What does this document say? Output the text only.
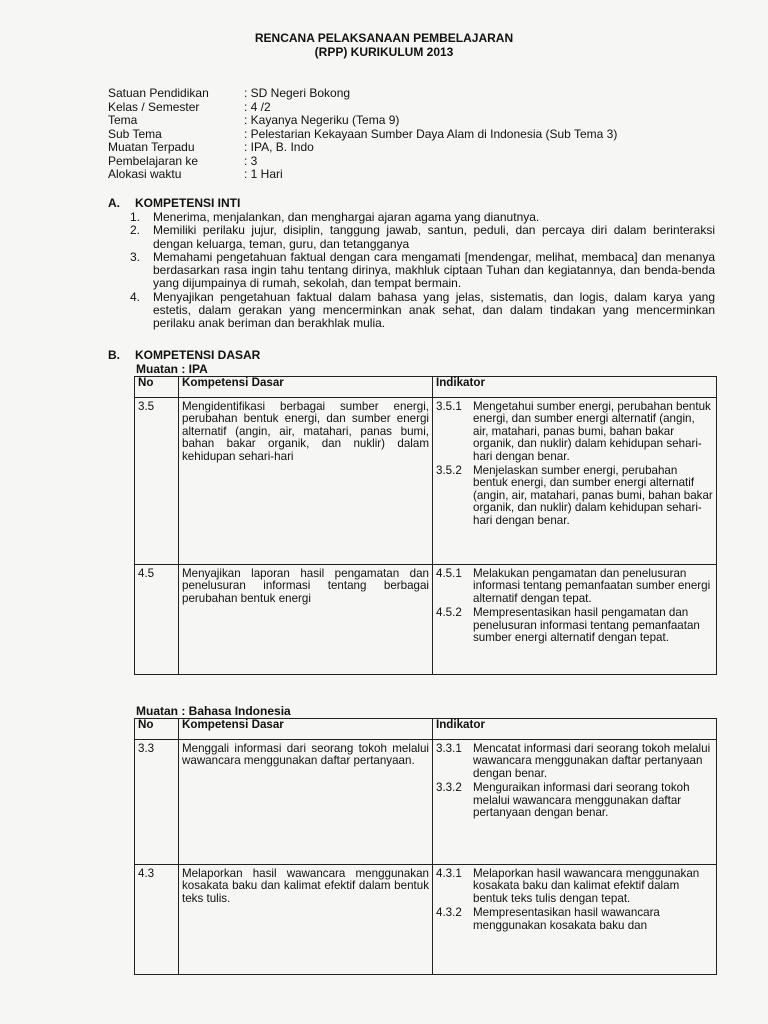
RENCANA PELAKSANAAN PEMBELAJARAN
(RPP) KURIKULUM 2013
Satuan Pendidikan	: SD Negeri Bokong
Kelas / Semester	: 4 /2
Tema	: Kayanya Negeriku (Tema 9)
Sub Tema	: Pelestarian Kekayaan Sumber Daya Alam di Indonesia (Sub Tema 3)
Muatan Terpadu	: IPA, B. Indo
Pembelajaran ke	: 3
Alokasi waktu	: 1 Hari
A. KOMPETENSI INTI
1. Menerima, menjalankan, dan menghargai ajaran agama yang dianutnya.
2. Memiliki perilaku jujur, disiplin, tanggung jawab, santun, peduli, dan percaya diri dalam berinteraksi dengan keluarga, teman, guru, dan tetangganya
3. Memahami pengetahuan faktual dengan cara mengamati [mendengar, melihat, membaca] dan menanya berdasarkan rasa ingin tahu tentang dirinya, makhluk ciptaan Tuhan dan kegiatannya, dan benda-benda yang dijumpainya di rumah, sekolah, dan tempat bermain.
4. Menyajikan pengetahuan faktual dalam bahasa yang jelas, sistematis, dan logis, dalam karya yang estetis, dalam gerakan yang mencerminkan anak sehat, dan dalam tindakan yang mencerminkan perilaku anak beriman dan berakhlak mulia.
B. KOMPETENSI DASAR
Muatan : IPA
No	Kompetensi Dasar	Indikator
3.5	Mengidentifikasi berbagai sumber energi, perubahan bentuk energi, dan sumber energi alternatif (angin, air, matahari, panas bumi, bahan bakar organik, dan nuklir) dalam kehidupan sehari-hari	3.5.1 Mengetahui sumber energi, perubahan bentuk energi, dan sumber energi alternatif (angin, air, matahari, panas bumi, bahan bakar organik, dan nuklir) dalam kehidupan sehari-hari dengan benar.
3.5.2 Menjelaskan sumber energi, perubahan bentuk energi, dan sumber energi alternatif (angin, air, matahari, panas bumi, bahan bakar organik, dan nuklir) dalam kehidupan sehari-hari dengan benar.

4.5	Menyajikan laporan hasil pengamatan dan penelusuran informasi tentang berbagai perubahan bentuk energi	4.5.1 Melakukan pengamatan dan penelusuran informasi tentang pemanfaatan sumber energi alternatif dengan tepat.
4.5.2 Mempresentasikan hasil pengamatan dan penelusuran informasi tentang pemanfaatan sumber energi alternatif dengan tepat.
Muatan : Bahasa Indonesia
No	Kompetensi Dasar	Indikator
3.3	Menggali informasi dari seorang tokoh melalui wawancara menggunakan daftar pertanyaan.	3.3.1 Mencatat informasi dari seorang tokoh melalui wawancara menggunakan daftar pertanyaan dengan benar.
3.3.2 Menguraikan informasi dari seorang tokoh melalui wawancara menggunakan daftar pertanyaan dengan benar.

4.3	Melaporkan hasil wawancara menggunakan kosakata baku dan kalimat efektif dalam bentuk teks tulis.	4.3.1 Melaporkan hasil wawancara menggunakan kosakata baku dan kalimat efektif dalam bentuk teks tulis dengan tepat.
4.3.2 Mempresentasikan hasil wawancara menggunakan kosakata baku dan
